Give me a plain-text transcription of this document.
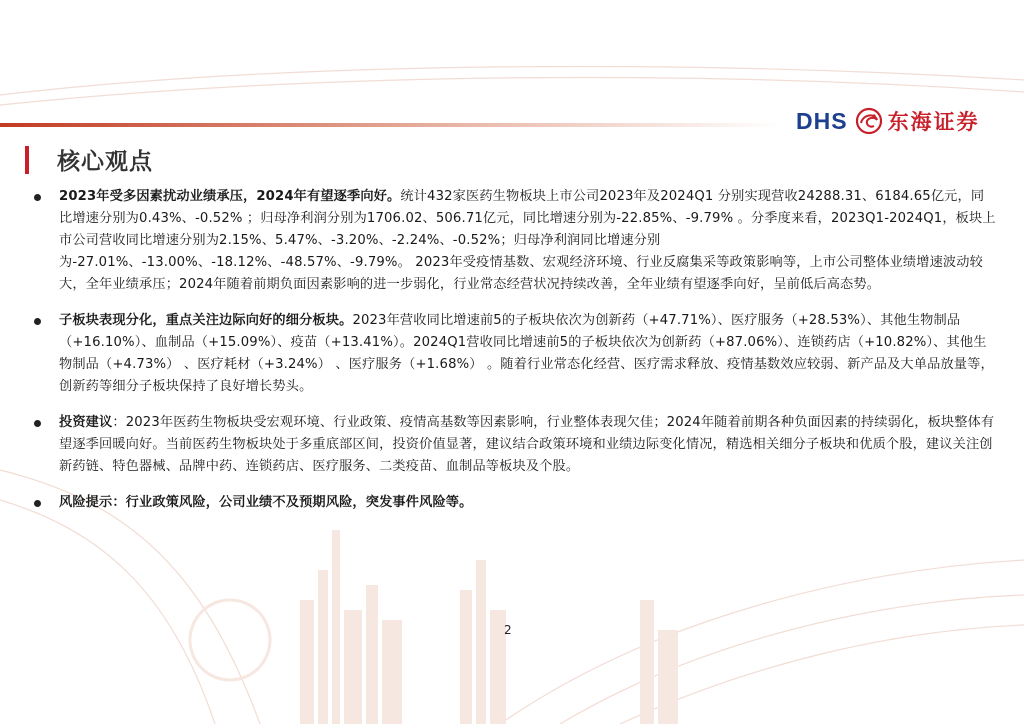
DHS 东海证券
核心观点

2023年受多因素扰动业绩承压，2024年有望逐季向好。统计432家医药生物板块上市公司2023年及2024Q1 分别实现营收24288.31、6184.65亿元，同比增速分别为0.43%、-0.52% ；归母净利润分别为1706.02、506.71亿元，同比增速分别为-22.85%、-9.79% 。分季度来看，2023Q1-2024Q1，板块上市公司营收同比增速分别为2.15%、5.47%、-3.20%、-2.24%、-0.52%；归母净利润同比增速分别为-27.01%、-13.00%、-18.12%、-48.57%、-9.79%。 2023年受疫情基数、宏观经济环境、行业反腐集采等政策影响等，上市公司整体业绩增速波动较大，全年业绩承压；2024年随着前期负面因素影响的进一步弱化，行业常态经营状况持续改善，全年业绩有望逐季向好，呈前低后高态势。

子板块表现分化，重点关注边际向好的细分板块。2023年营收同比增速前5的子板块依次为创新药（+47.71%）、医疗服务（+28.53%）、其他生物制品（+16.10%）、血制品（+15.09%）、疫苗（+13.41%）。2024Q1营收同比增速前5的子板块依次为创新药（+87.06%）、连锁药店（+10.82%）、其他生物制品（+4.73%） 、医疗耗材（+3.24%） 、医疗服务（+1.68%） 。随着行业常态化经营、医疗需求释放、疫情基数效应较弱、新产品及大单品放量等，创新药等细分子板块保持了良好增长势头。

投资建议：2023年医药生物板块受宏观环境、行业政策、疫情高基数等因素影响，行业整体表现欠佳；2024年随着前期各种负面因素的持续弱化，板块整体有望逐季回暖向好。当前医药生物板块处于多重底部区间，投资价值显著，建议结合政策环境和业绩边际变化情况，精选相关细分子板块和优质个股，建议关注创新药链、特色器械、品牌中药、连锁药店、医疗服务、二类疫苗、血制品等板块及个股。

风险提示：行业政策风险，公司业绩不及预期风险，突发事件风险等。

2
